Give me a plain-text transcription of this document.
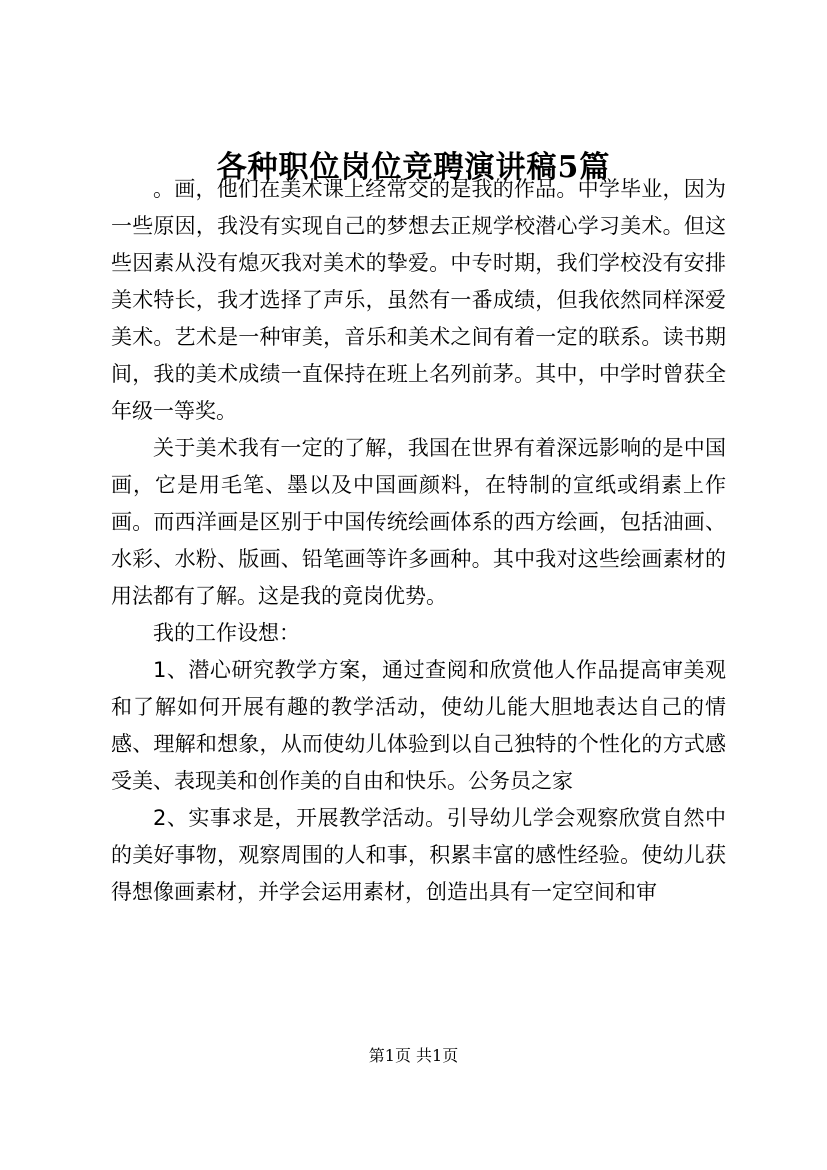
各种职位岗位竞聘演讲稿5篇

。画，他们在美术课上经常交的是我的作品。中学毕业，因为一些原因，我没有实现自己的梦想去正规学校潜心学习美术。但这些因素从没有熄灭我对美术的挚爱。中专时期，我们学校没有安排美术特长，我才选择了声乐，虽然有一番成绩，但我依然同样深爱美术。艺术是一种审美，音乐和美术之间有着一定的联系。读书期间，我的美术成绩一直保持在班上名列前茅。其中，中学时曾获全年级一等奖。

关于美术我有一定的了解，我国在世界有着深远影响的是中国画，它是用毛笔、墨以及中国画颜料，在特制的宣纸或绢素上作画。而西洋画是区别于中国传统绘画体系的西方绘画，包括油画、水彩、水粉、版画、铅笔画等许多画种。其中我对这些绘画素材的用法都有了解。这是我的竟岗优势。

我的工作设想：

1、潜心研究教学方案，通过查阅和欣赏他人作品提高审美观和了解如何开展有趣的教学活动，使幼儿能大胆地表达自己的情感、理解和想象，从而使幼儿体验到以自己独特的个性化的方式感受美、表现美和创作美的自由和快乐。公务员之家

2、实事求是，开展教学活动。引导幼儿学会观察欣赏自然中的美好事物，观察周围的人和事，积累丰富的感性经验。使幼儿获得想像画素材，并学会运用素材，创造出具有一定空间和审

第1页 共1页
